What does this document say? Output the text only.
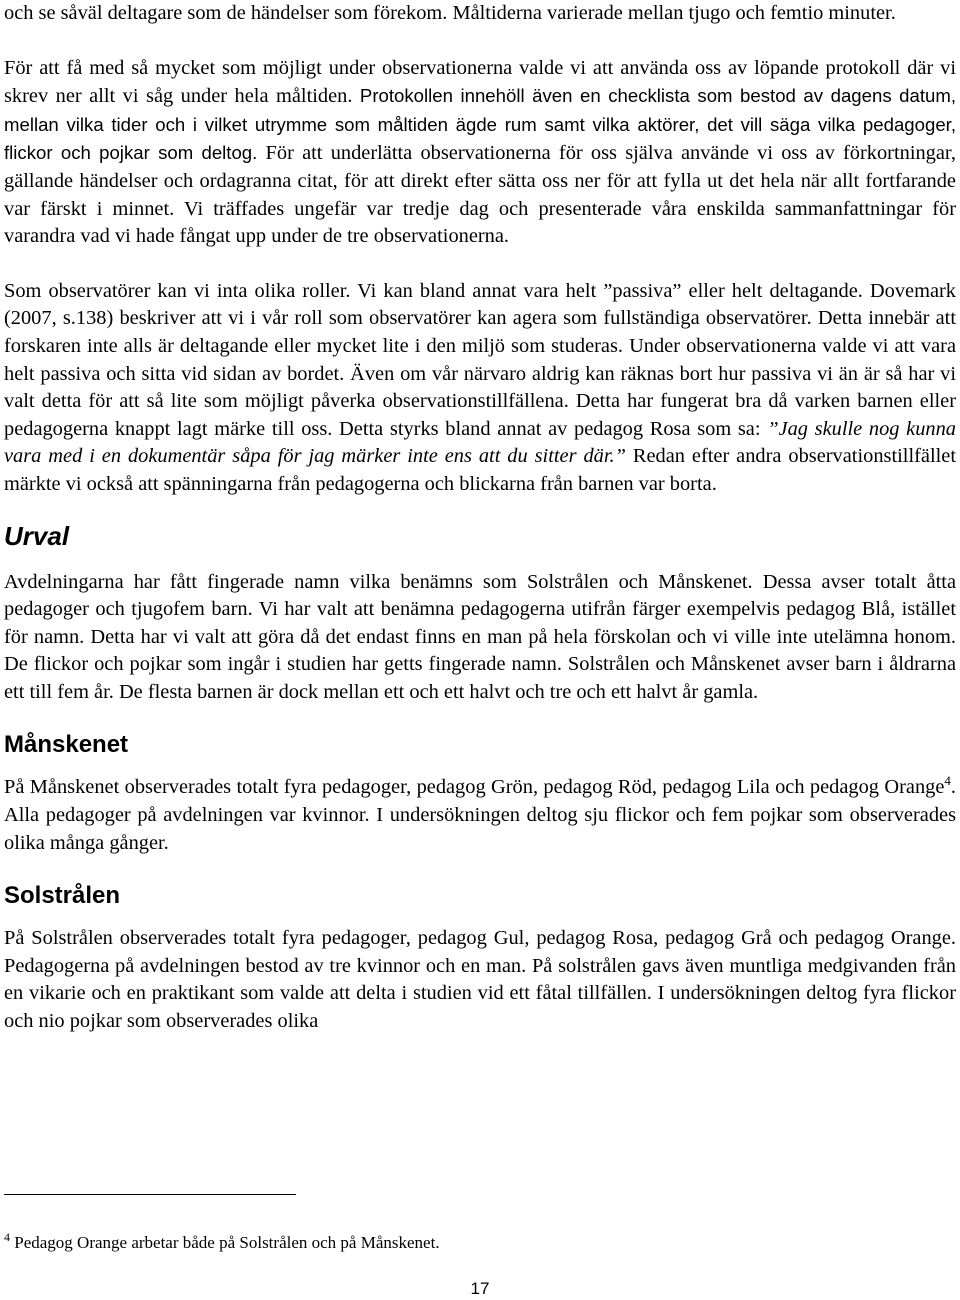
och se såväl deltagare som de händelser som förekom. Måltiderna varierade mellan tjugo och femtio minuter.

För att få med så mycket som möjligt under observationerna valde vi att använda oss av löpande protokoll där vi skrev ner allt vi såg under hela måltiden. Protokollen innehöll även en checklista som bestod av dagens datum, mellan vilka tider och i vilket utrymme som måltiden ägde rum samt vilka aktörer, det vill säga vilka pedagoger, flickor och pojkar som deltog. För att underlätta observationerna för oss själva använde vi oss av förkortningar, gällande händelser och ordagranna citat, för att direkt efter sätta oss ner för att fylla ut det hela när allt fortfarande var färskt i minnet. Vi träffades ungefär var tredje dag och presenterade våra enskilda sammanfattningar för varandra vad vi hade fångat upp under de tre observationerna.

Som observatörer kan vi inta olika roller. Vi kan bland annat vara helt ”passiva” eller helt deltagande. Dovemark (2007, s.138) beskriver att vi i vår roll som observatörer kan agera som fullständiga observatörer. Detta innebär att forskaren inte alls är deltagande eller mycket lite i den miljö som studeras. Under observationerna valde vi att vara helt passiva och sitta vid sidan av bordet. Även om vår närvaro aldrig kan räknas bort hur passiva vi än är så har vi valt detta för att så lite som möjligt påverka observationstillfällena. Detta har fungerat bra då varken barnen eller pedagogerna knappt lagt märke till oss. Detta styrks bland annat av pedagog Rosa som sa: ”Jag skulle nog kunna vara med i en dokumentär såpa för jag märker inte ens att du sitter där.” Redan efter andra observationstillfället märkte vi också att spänningarna från pedagogerna och blickarna från barnen var borta.

Urval

Avdelningarna har fått fingerade namn vilka benämns som Solstrålen och Månskenet. Dessa avser totalt åtta pedagoger och tjugofem barn. Vi har valt att benämna pedagogerna utifrån färger exempelvis pedagog Blå, istället för namn. Detta har vi valt att göra då det endast finns en man på hela förskolan och vi ville inte utelämna honom. De flickor och pojkar som ingår i studien har getts fingerade namn. Solstrålen och Månskenet avser barn i åldrarna ett till fem år. De flesta barnen är dock mellan ett och ett halvt och tre och ett halvt år gamla.

Månskenet

På Månskenet observerades totalt fyra pedagoger, pedagog Grön, pedagog Röd, pedagog Lila och pedagog Orange$^4$. Alla pedagoger på avdelningen var kvinnor. I undersökningen deltog sju flickor och fem pojkar som observerades olika många gånger.

Solstrålen

På Solstrålen observerades totalt fyra pedagoger, pedagog Gul, pedagog Rosa, pedagog Grå och pedagog Orange. Pedagogerna på avdelningen bestod av tre kvinnor och en man. På solstrålen gavs även muntliga medgivanden från en vikarie och en praktikant som valde att delta i studien vid ett fåtal tillfällen. I undersökningen deltog fyra flickor och nio pojkar som observerades olika

$^4$ Pedagog Orange arbetar både på Solstrålen och på Månskenet.
17
